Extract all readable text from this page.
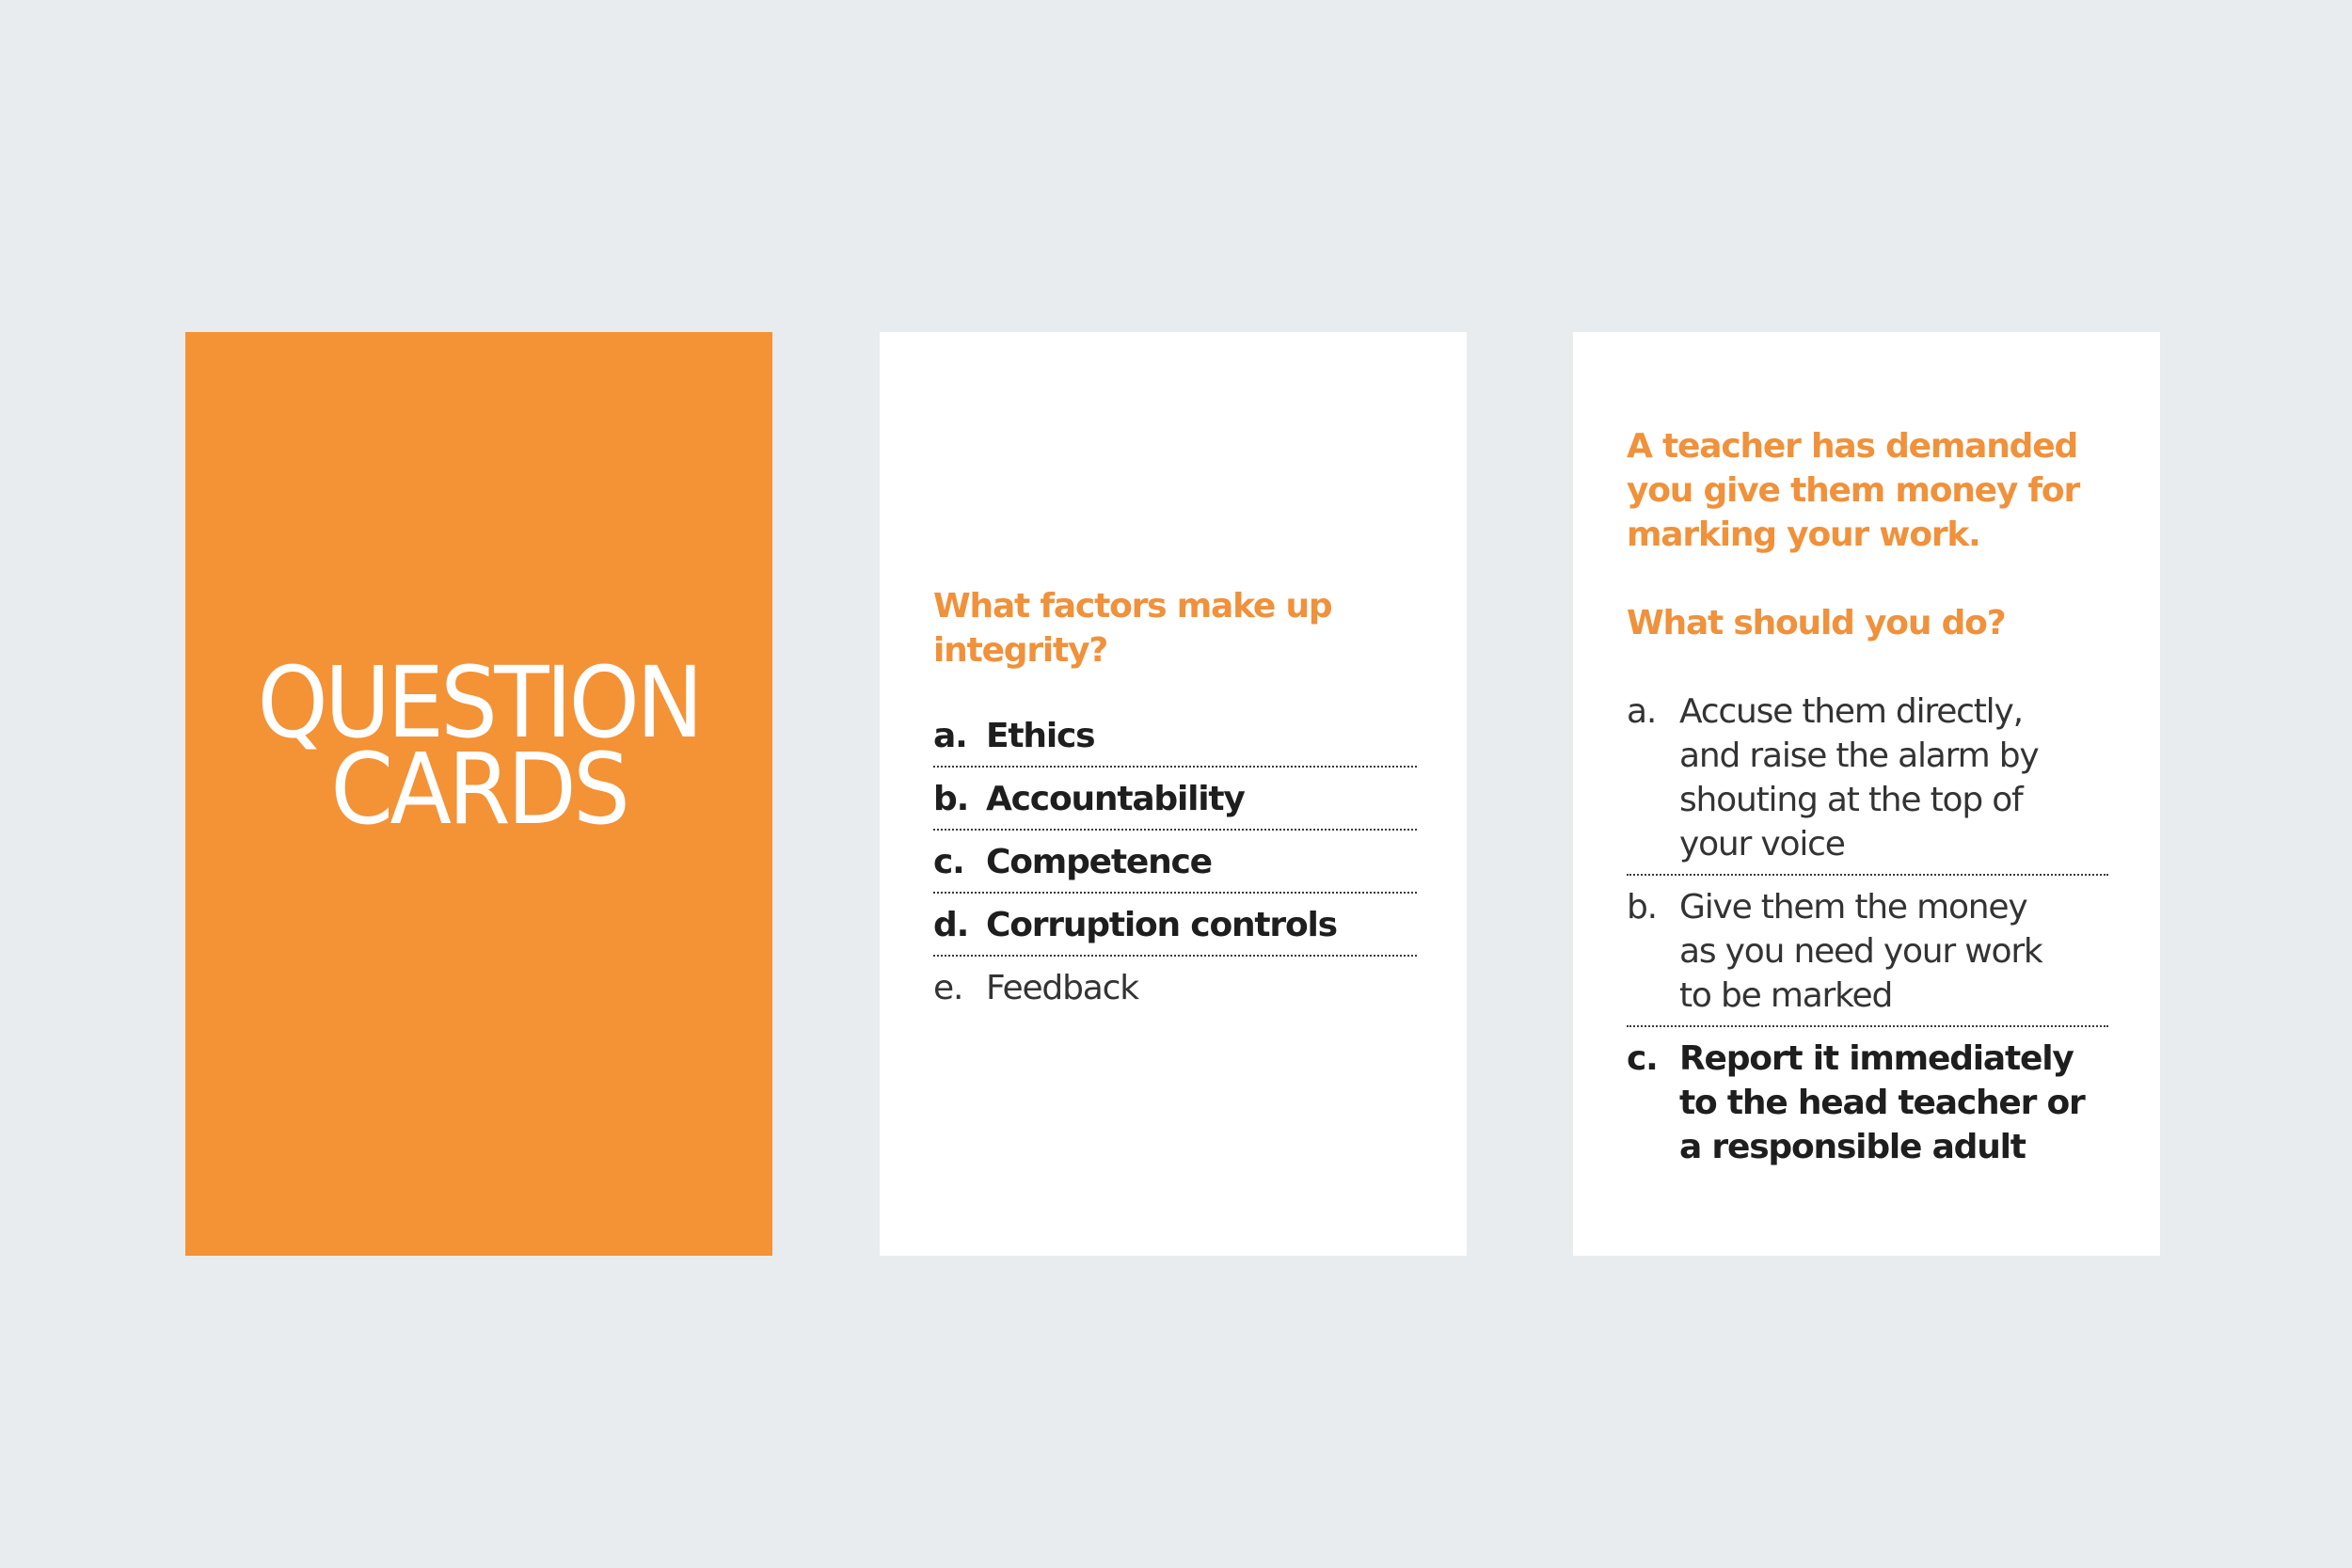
QUESTION
CARDS

What factors make up integrity?

a. Ethics
b. Accountability
c. Competence
d. Corruption controls
e. Feedback

A teacher has demanded you give them money for marking your work.

What should you do?

a. Accuse them directly, and raise the alarm by shouting at the top of your voice
b. Give them the money as you need your work to be marked
c. Report it immediately to the head teacher or a responsible adult
